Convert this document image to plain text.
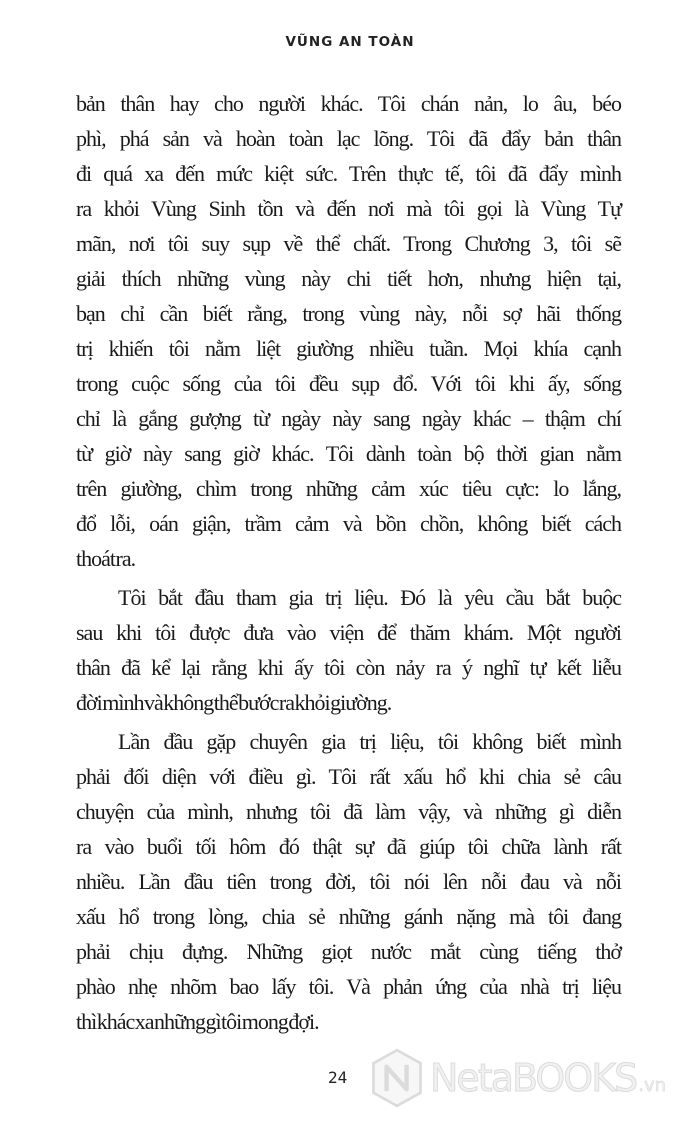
VŨNG AN TOÀN
bản thân hay cho người khác. Tôi chán nản, lo âu, béo
phì, phá sản và hoàn toàn lạc lõng. Tôi đã đẩy bản thân
đi quá xa đến mức kiệt sức. Trên thực tế, tôi đã đẩy mình
ra khỏi Vùng Sinh tồn và đến nơi mà tôi gọi là Vùng Tự
mãn, nơi tôi suy sụp về thể chất. Trong Chương 3, tôi sẽ
giải thích những vùng này chi tiết hơn, nhưng hiện tại,
bạn chỉ cần biết rằng, trong vùng này, nỗi sợ hãi thống
trị khiến tôi nằm liệt giường nhiều tuần. Mọi khía cạnh
trong cuộc sống của tôi đều sụp đổ. Với tôi khi ấy, sống
chỉ là gắng gượng từ ngày này sang ngày khác – thậm chí
từ giờ này sang giờ khác. Tôi dành toàn bộ thời gian nằm
trên giường, chìm trong những cảm xúc tiêu cực: lo lắng,
đổ lỗi, oán giận, trầm cảm và bồn chồn, không biết cách
thoát ra.
Tôi bắt đầu tham gia trị liệu. Đó là yêu cầu bắt buộc
sau khi tôi được đưa vào viện để thăm khám. Một người
thân đã kể lại rằng khi ấy tôi còn nảy ra ý nghĩ tự kết liễu
đời mình và không thể bước ra khỏi giường.
Lần đầu gặp chuyên gia trị liệu, tôi không biết mình
phải đối diện với điều gì. Tôi rất xấu hổ khi chia sẻ câu
chuyện của mình, nhưng tôi đã làm vậy, và những gì diễn
ra vào buổi tối hôm đó thật sự đã giúp tôi chữa lành rất
nhiều. Lần đầu tiên trong đời, tôi nói lên nỗi đau và nỗi
xấu hổ trong lòng, chia sẻ những gánh nặng mà tôi đang
phải chịu đựng. Những giọt nước mắt cùng tiếng thở
phào nhẹ nhõm bao lấy tôi. Và phản ứng của nhà trị liệu
thì khác xa những gì tôi mong đợi.
24 NetaBOOKS .vn
